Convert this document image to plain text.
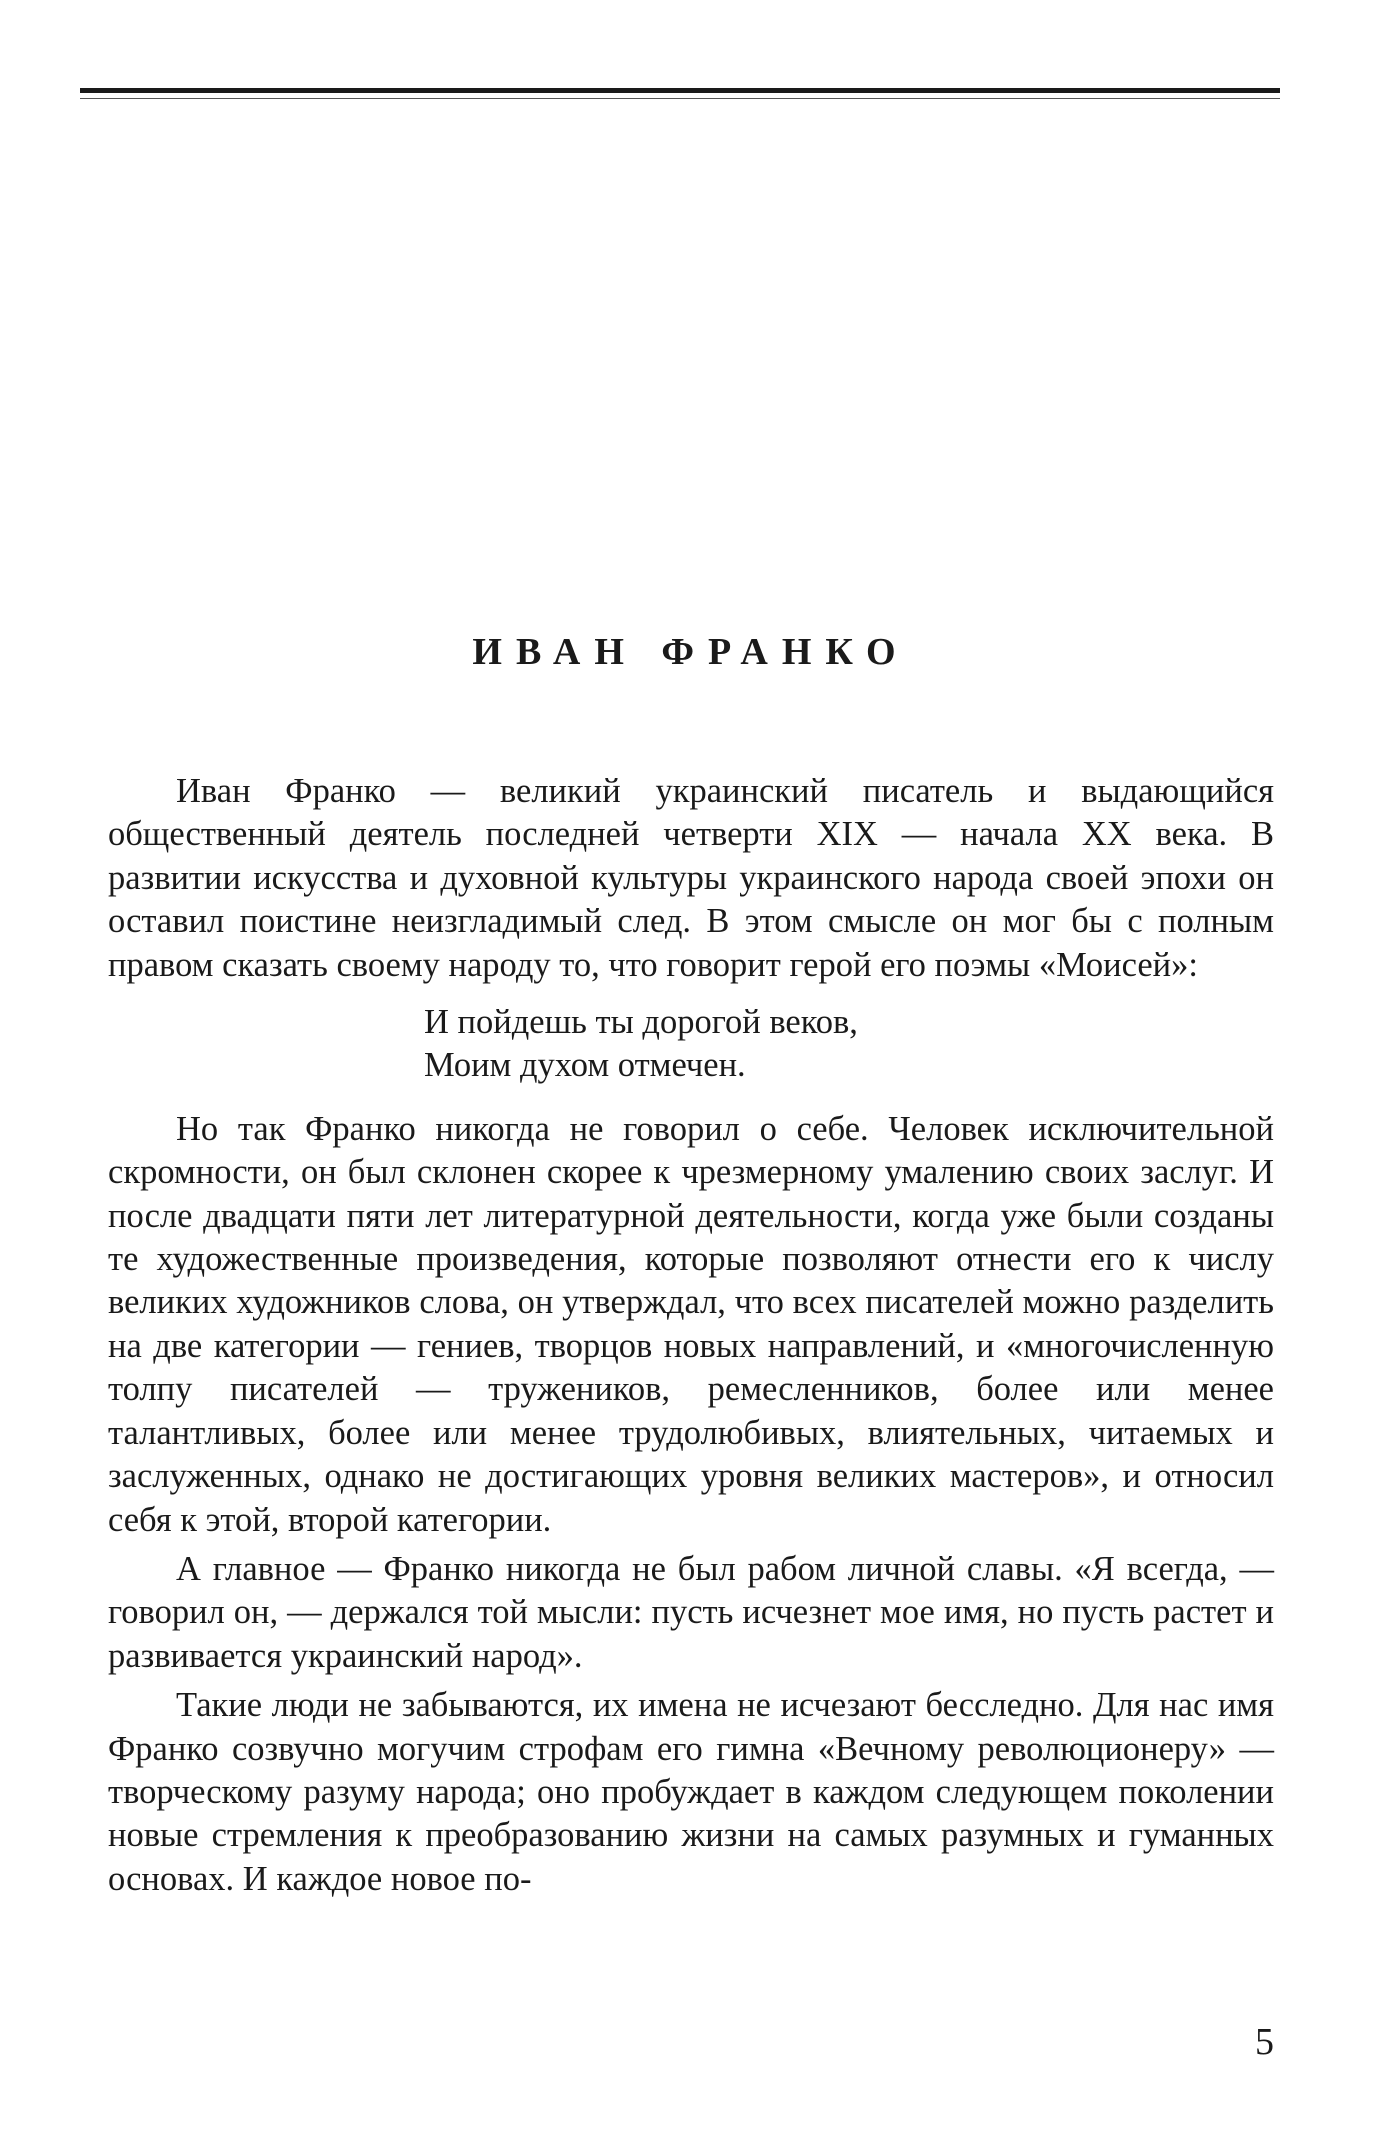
ИВАН ФРАНКО

Иван Франко — великий украинский писатель и выдающийся общественный деятель последней четверти XIX — начала XX века. В развитии искусства и духовной культуры украинского народа своей эпохи он оставил поистине неизгладимый след. В этом смысле он мог бы с полным правом сказать своему народу то, что говорит герой его поэмы «Моисей»:

И пойдешь ты дорогой веков,
Моим духом отмечен.

Но так Франко никогда не говорил о себе. Человек исключительной скромности, он был склонен скорее к чрезмерному умалению своих заслуг. И после двадцати пяти лет литературной деятельности, когда уже были созданы те художественные произведения, которые позволяют отнести его к числу великих художников слова, он утверждал, что всех писателей можно разделить на две категории — гениев, творцов новых направлений, и «многочисленную толпу писателей — тружеников, ремесленников, более или менее талантливых, более или менее трудолюбивых, влиятельных, читаемых и заслуженных, однако не достигающих уровня великих мастеров», и относил себя к этой, второй категории.

А главное — Франко никогда не был рабом личной славы. «Я всегда, — говорил он, — держался той мысли: пусть исчезнет мое имя, но пусть растет и развивается украинский народ».

Такие люди не забываются, их имена не исчезают бесследно. Для нас имя Франко созвучно могучим строфам его гимна «Вечному революционеру» — творческому разуму народа; оно пробуждает в каждом следующем поколении новые стремления к преобразованию жизни на самых разумных и гуманных основах. И каждое новое по-

5
